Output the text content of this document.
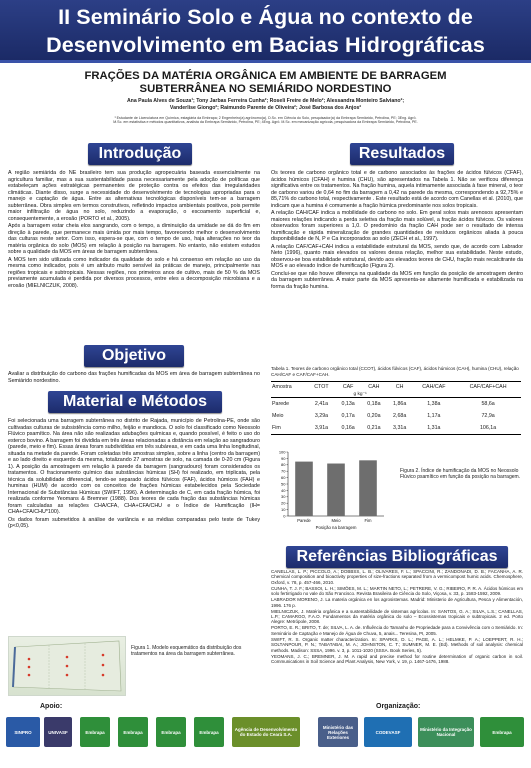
II Seminário Solo e Água no contexto de
Desenvolvimento em Bacias Hidrográficas
FRAÇÕES DA MATÉRIA ORGÂNICA EM AMBIENTE DE BARRAGEM
SUBTERRÂNEA NO SEMIÁRIDO NORDESTINO
Ana Paula Alves de Souza¹; Tony Jarbas Ferreira Cunha²; Roseli Freire de Melo²; Alessandra Monteiro Salviano²;
Vanderlise Giongo²; Raimundo Parente de Oliveira²; José Barbosa dos Anjos²
¹ Estudante de Licenciatura em Química, estagiária da Embrapa; 2 Engenheiro(a) agrônomo(a), D.Sc. em Ciência do Solo, pesquisador(a) da Embrapa Semiárido, Petrolina, PE; 3Eng. Agrô.
M.Sc. em estatística e métodos quantitativos, analista da Embrapa Semiárido, Petrolina, PE; 4Eng. Agrô. M.Sc. em mecanização agrícola, pesquisadora da Embrapa Semiárido, Petrolina, PE.
Introdução

A região semiárida do NE brasileiro tem sua produção agropecuária baseada essencialmente na agricultura familiar, mas a sua sustentabilidade passa necessariamente pela adoção de políticas que estabeleçam ações estratégicas permanentes de proteção contra os efeitos das irregularidades climáticas. Diante disso, surge a necessidade do desenvolvimento de tecnologias apropriadas para o manejo e captação de água. Entre as alternativas tecnológicas disponíveis tem-se a barragem subterrânea. Obra simples em termos construtivos, refletindo impactos ambientais positivos, pois permite maior infiltração de água no solo, reduzindo a evaporação, o escoamento superficial e, consequentemente, a erosão (PORTO et al., 2005).

Após a barragem estar cheia elos sangrando, com o tempo, a diminuição da umidade se dá do fim em direção à parede, que permanece mais úmida por mais tempo, favorecendo melhor o desenvolvimento das culturas neste setor. Com isso, espera-se que, com o tempo de uso, haja alterações no teor da matéria orgânica do solo (MOS) em relação à posição na barragem. No entanto, não existem estudos sobre a qualidade da MOS em áreas de barragem subterrânea.

A MOS tem sido utilizada como indicador da qualidade do solo e há consenso em relação ao uso da mesma como indicador, pois é um atributo muito sensível às práticas de manejo, principalmente nas regiões tropicais e subtropicais. Nessas regiões, nos primeiros anos de cultivo, mais de 50 % da MOS previamente acumulada é perdida por diversos processos, entre eles a decomposição microbiana e a erosão (MIELNICZUK, 2008).

Objetivo

Avaliar a distribuição do carbono das frações humificadas da MOS em área de barragem subterrânea no Semiárido nordestino.

Material e Métodos

Foi selecionada uma barragem subterrânea no distrito de Rajada, município de Petrolina-PE, onde são cultivadas culturas de subsistência como milho, feijão e mandioca. O solo foi classificado como Neossolo Flúvico psamítico. Na área não são realizadas adubações químicas e, quando possível, é feito o uso do esterco bovino. A barragem foi dividida em três áreas relacionadas a distância em relação ao sangradouro (parede, meio e fim). Essas áreas foram subdivididas em três subáreas, e em cada uma linha longitudinal, situada na metade da parede. Foram coletadas três amostras simples, sobre a linha (centro da barragem) e ao lado direito e esquerdo da mesma, totalizando 27 amostras de solo, na camada de 0-20 cm (Figura 1). A posição da amostragem em relação à parede da barragem (sangradouro) foram considerados os tratamentos. O fracionamento químico das substâncias húmicas (SH) foi realizado, em triplicata, pela técnica da solubilidade diferencial, tendo-se separado ácidos fúlvicos (FAF), ácidos húmicos (FAH) e huminas (HUM) de acordo com os conceitos de frações húmicas estabelecidos pela Sociedade Internacional de Substâncias Húmicas (SWIFT, 1996). A determinação de C, em cada fração húmica, foi realizada conforme Yeomans & Bremner (1988). Dos teores de cada fração das substâncias húmicas foram calculadas as relações CHA/CFA, CHA+CFA/CHU e o Índice de Humificação (IH= CHA+CFA/CHU*100).

Os dados foram submetidos à análise de variância e as médias comparadas pelo teste de Tukey (p<0,05).

Figura 1. Modelo esquemático da distribuição dos tratamentos na área da barragem subterrânea.
Resultados

Os teores de carbono orgânico total e de carbono associados às frações de ácidos fúlvicos (CFAF), ácidos húmicos (CFAH) e humina (CHU), são apresentados na Tabela 1. Não se verificou diferença significativa entre os tratamentos. Na fração humina, aquela intimamente associada à fase mineral, o teor de carbono variou de 0,64 no fim da barragem a 0,42 na parede da mesma, correspondendo a 92,75% e 85,71% do carbono total, respectivamente . Este resultado está de acordo com Canellas et al. (2010), que indicam que a humina é comumente a fração húmica predominante nos solos tropicais.

A relação CAH/CAF indica a mobilidade do carbono no solo. Em geral solos mais arenosos apresentam maiores relações indicando a perda seletiva da fração mais solúvel, a fração ácidos fúlvicos. Os valores observados foram superiores a 1,0. O predomínio da fração CAH pode ser o resultado de intensa humificação e rápida mineralização de grandes quantidades de resíduos orgânicos aliada à pouca disponibilidade de N, P e Ca incorporados ao solo (ZECH et al., 1997).

A relação CAF/CAF+CAH indica a estabilidade estrutural da MOS, sendo que, de acordo com Labrador Neto (1996), quanto mais elevados os valores dessa relação, melhor sua estabilidade. Neste estudo, observou-se boa estabilidade estrutural, devido aos elevados teores de CHU, fração mais recalcitrante da MOS e ao elevado índice de humificação (Figura 2).

Conclui-se que não houve diferença na qualidade da MOS em função da posição de amostragem dentro da barragem subterrânea. A maior parte da MOS apresenta-se altamente humificada e estabilizada na forma da fração humina.

Tabela 1. Teores de carbono orgânico total (CCOT), ácidos fúlvicos (CAF), ácidos húmicos (CAH), humina (CHU), relação CAH/CAF e CAF/CAF+CAH.
Amostra	CTOT	CAF	CAH	CH	CAH/CAF	CAF/CAF+CAH
	g kg⁻¹					
Parede	2,41a	0,13a	0,18a	1,86a	1,38a	58,6a
Meio	3,29a	0,17a	0,20a	2,68a	1,17a	72,9a
Fim	3,91a	0,16a	0,21a	3,31a	1,31a	106,1a
100
90
80
70
60
50
40
30
20
10
0
Parede	Meio	Fim
Posição na barragem
Figura 2. Índice de humificação da MOS no Neossolo Flúvico psamítico em função da posição na barragem.
Referências Bibliográficas

CANELLAS, L. P.; PICCOLO, A.; DOBBSS, L. B.; OLIVARES, F. L.; SPACCINI, R.; ZANDONADI, D. B.; FACANHA, A. R. Chemical composition and bioactivity properties of size-fractions separated from a vermicompost humic acids. Chemosphere, Oxford, v. 78, p. 457-466, 2010.

CUNHA, T. J. F.; BASSOI, L. H.; SIMÕES, M. L.; MARTIN NETO, L.; PETRERE, V. G.; RIBEIRO, P. R. A. Ácidos húmicos em solo fertirrigado no vale do São Francisco. Revista Brasileira de Ciência do Solo, Viçosa, v. 33, p. 1583-1592, 2009.

LABRADOR MORENO, J. La materia orgánica en los agrosistemas. Madrid: Ministerio de Agricultura, Pesca y Alimentación, 1996. 176 p.

MIELNICZUK, J. Matéria orgânica e a sustentabilidade de sistemas agrícolas. In: SANTOS, G. A.; SILVA, L.S.; CANELLAS, L.P.; CAMARGO, F.A.O. Fundamentos da matéria orgânica do solo – Ecossistemas tropicais e subtropicais. 2 ed. Porto Alegre: Metrópole, 2008.

PORTO, E. R.; BRITO, T. de; SILVA, L. A. de. Influência do Tamanho de Propriedade para a Convivência com o Semiárido. In: Seminário de Captação e Manejo de Água de Chuva, 5, anais... Teresina, PI, 2005.

SWIFT, R. S. Organic matter characterization. In: SPARKS, D. L.; PAGE, A. L.; HELMKE, P. A.; LOEPPERT, R. H.; SOLTANPOUR, P. N.; TABATABAI, M. A.; JOHNSTON, C. T.; SUMNER, M. E. (Ed). Methods of soil analysis: chemical methods. Madison: SSSA, 1996. v. 3, p. 1011-1020 (SSSA. Book Series, 5).

YEOMANS, J. C.; BREMNER, J. M. A rapid and precise method for routine determination of organic carbon in soil. Communications in Soil Science and Plant Analysis, New York, v. 19, p. 1467-1476, 1988.

Apoio:	Organização:
SINPRO	UNIVASF	Embrapa	Embrapa	Embrapa	Embrapa	Agência de Desenvolvimento do Estado do Ceará S.A.
Ministério das Relações Exteriores
CODEVASF	Ministério da Integração Nacional	Embrapa
